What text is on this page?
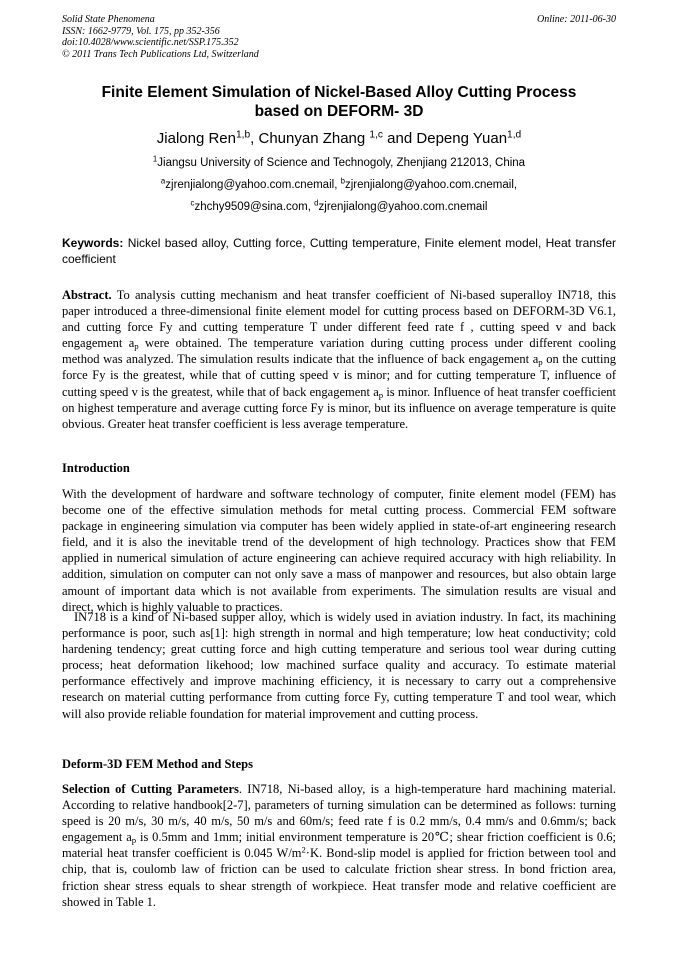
Solid State Phenomena
ISSN: 1662-9779, Vol. 175, pp 352-356
doi:10.4028/www.scientific.net/SSP.175.352
© 2011 Trans Tech Publications Ltd, Switzerland
Online: 2011-06-30
Finite Element Simulation of Nickel-Based Alloy Cutting Process
based on DEFORM- 3D
Jialong Ren$^{1,b}$, Chunyan Zhang $^{1,c}$ and Depeng Yuan$^{1,d}$
$^1$Jiangsu University of Science and Technogoly, Zhenjiang 212013, China
$^a$zjrenjialong@yahoo.com.cnemail, $^b$zjrenjialong@yahoo.com.cnemail,
$^c$zhchy9509@sina.com, $^d$zjrenjialong@yahoo.com.cnemail
Keywords: Nickel based alloy, Cutting force, Cutting temperature, Finite element model, Heat transfer coefficient
Abstract. To analysis cutting mechanism and heat transfer coefficient of Ni-based superalloy IN718, this paper introduced a three-dimensional finite element model for cutting process based on DEFORM-3D V6.1, and cutting force Fy and cutting temperature T under different feed rate f , cutting speed v and back engagement $a_p$ were obtained. The temperature variation during cutting process under different cooling method was analyzed. The simulation results indicate that the influence of back engagement $a_p$ on the cutting force Fy is the greatest, while that of cutting speed v is minor; and for cutting temperature T, influence of cutting speed v is the greatest, while that of back engagement $a_p$ is minor. Influence of heat transfer coefficient on highest temperature and average cutting force Fy is minor, but its influence on average temperature is quite obvious. Greater heat transfer coefficient is less average temperature.
Introduction
With the development of hardware and software technology of computer, finite element model (FEM) has become one of the effective simulation methods for metal cutting process. Commercial FEM software package in engineering simulation via computer has been widely applied in state-of-art engineering research field, and it is also the inevitable trend of the development of high technology. Practices show that FEM applied in numerical simulation of acture engineering can achieve required accuracy with high reliability. In addition, simulation on computer can not only save a mass of manpower and resources, but also obtain large amount of important data which is not available from experiments. The simulation results are visual and direct, which is highly valuable to practices.
IN718 is a kind of Ni-based supper alloy, which is widely used in aviation industry. In fact, its machining performance is poor, such as[1]: high strength in normal and high temperature; low heat conductivity; cold hardening tendency; great cutting force and high cutting temperature and serious tool wear during cutting process; heat deformation likehood; low machined surface quality and accuracy. To estimate material performance effectively and improve machining efficiency, it is necessary to carry out a comprehensive research on material cutting performance from cutting force Fy, cutting temperature T and tool wear, which will also provide reliable foundation for material improvement and cutting process.
Deform-3D FEM Method and Steps
Selection of Cutting Parameters. IN718, Ni-based alloy, is a high-temperature hard machining material. According to relative handbook[2-7], parameters of turning simulation can be determined as follows: turning speed is 20 m/s, 30 m/s, 40 m/s, 50 m/s and 60m/s; feed rate f is 0.2 mm/s, 0.4 mm/s and 0.6mm/s; back engagement $a_p$ is 0.5mm and 1mm; initial environment temperature is 20℃; shear friction coefficient is 0.6; material heat transfer coefficient is 0.045 $W/m^2\cdot K$. Bond-slip model is applied for friction between tool and chip, that is, coulomb law of friction can be used to calculate friction shear stress. In bond friction area, friction shear stress equals to shear strength of workpiece. Heat transfer mode and relative coefficient are showed in Table 1.
